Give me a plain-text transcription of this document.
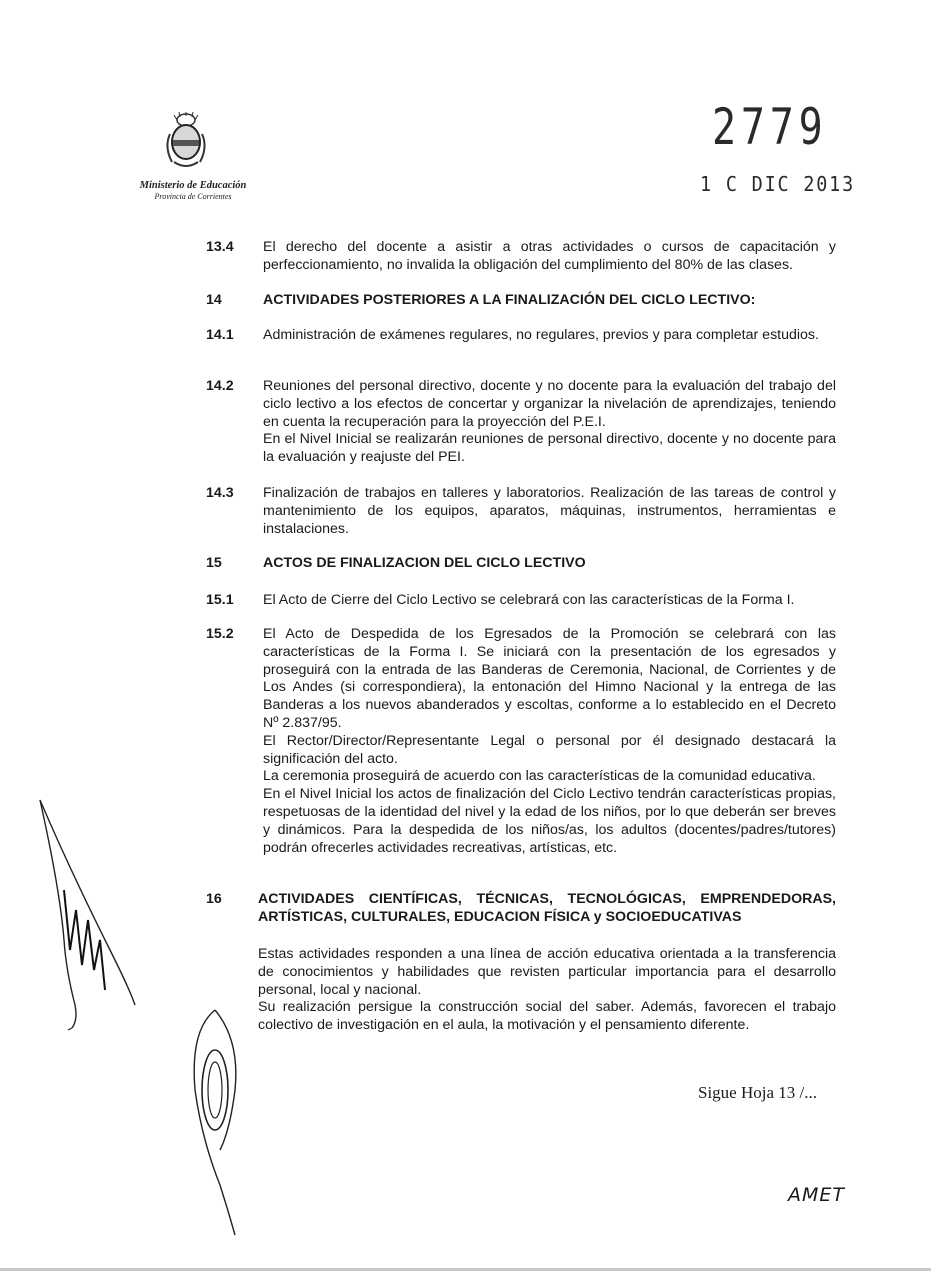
Ministerio de Educación
Provincia de Corrientes
2779
1 C DIC 2013
13.4	El derecho del docente a asistir a otras actividades o cursos de capacitación y perfeccionamiento, no invalida la obligación del cumplimiento del 80% de las clases.

14	ACTIVIDADES POSTERIORES A LA FINALIZACIÓN DEL CICLO LECTIVO:
14.1	Administración de exámenes regulares, no regulares, previos y para completar estudios.

14.2	Reuniones del personal directivo, docente y no docente para la evaluación del trabajo del ciclo lectivo a los efectos de concertar y organizar la nivelación de aprendizajes, teniendo en cuenta la recuperación para la proyección del P.E.I.

En el Nivel Inicial se realizarán reuniones de personal directivo, docente y no docente para la evaluación y reajuste del PEI.

14.3	Finalización de trabajos en talleres y laboratorios. Realización de las tareas de control y mantenimiento de los equipos, aparatos, máquinas, instrumentos, herramientas e instalaciones.

15	ACTOS DE FINALIZACION DEL CICLO LECTIVO
15.1	El Acto de Cierre del Ciclo Lectivo se celebrará con las características de la Forma I.

15.2	El Acto de Despedida de los Egresados de la Promoción se celebrará con las características de la Forma I. Se iniciará con la presentación de los egresados y proseguirá con la entrada de las Banderas de Ceremonia, Nacional, de Corrientes y de Los Andes (si correspondiera), la entonación del Himno Nacional y la entrega de las Banderas a los nuevos abanderados y escoltas, conforme a lo establecido en el Decreto Nº 2.837/95.

El Rector/Director/Representante Legal o personal por él designado destacará la significación del acto.

La ceremonia proseguirá de acuerdo con las características de la comunidad educativa.

En el Nivel Inicial los actos de finalización del Ciclo Lectivo tendrán características propias, respetuosas de la identidad del nivel y la edad de los niños, por lo que deberán ser breves y dinámicos. Para la despedida de los niños/as, los adultos (docentes/padres/tutores) podrán ofrecerles actividades recreativas, artísticas, etc.

16	ACTIVIDADES CIENTÍFICAS, TÉCNICAS, TECNOLÓGICAS, EMPRENDEDORAS, ARTÍSTICAS, CULTURALES, EDUCACION FÍSICA y SOCIOEDUCATIVAS

Estas actividades responden a una línea de acción educativa orientada a la transferencia de conocimientos y habilidades que revisten particular importancia para el desarrollo personal, local y nacional.

Su realización persigue la construcción social del saber. Además, favorecen el trabajo colectivo de investigación en el aula, la motivación y el pensamiento diferente.

Sigue Hoja 13 /...
AMET
